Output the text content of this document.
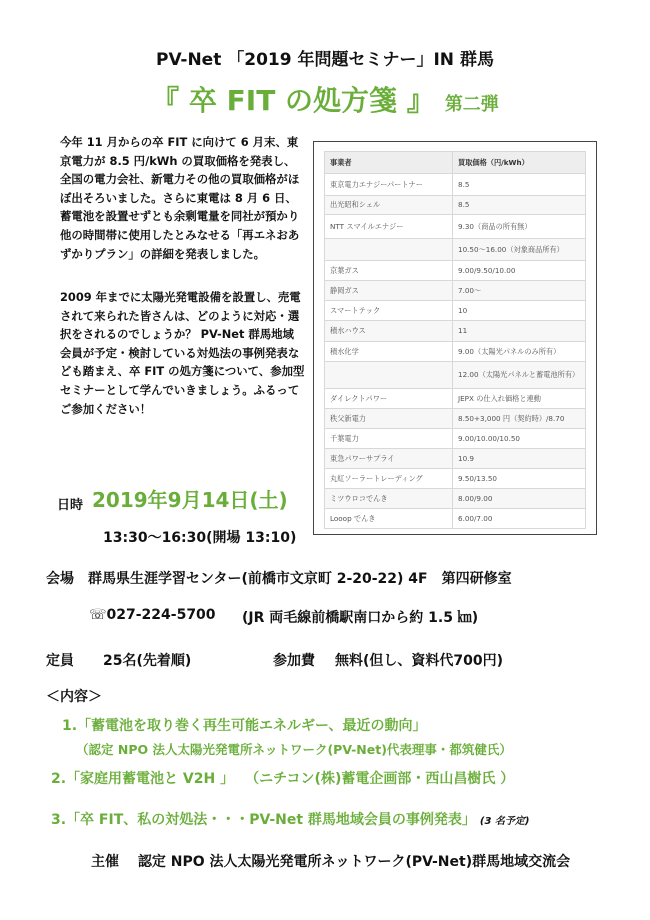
PV-Net 「2019 年問題セミナー」IN 群馬
『 卒 FIT の処方箋 』 第二弾

今年 11 月からの卒 FIT に向けて 6 月末、東京電力が 8.5 円/kWh の買取価格を発表し、全国の電力会社、新電力その他の買取価格がほぼ出そろいました。さらに東電は 8 月 6 日、蓄電池を設置せずとも余剰電量を同社が預かり他の時間帯に使用したとみなせる「再エネおあずかりプラン」の詳細を発表しました。

2009 年までに太陽光発電設備を設置し、売電されて来られた皆さんは、どのように対応・選択をされるのでしょうか？ PV-Net 群馬地域会員が予定・検討している対処法の事例発表なども踏まえ、卒 FIT の処方箋について、参加型セミナーとして学んでいきましょう。ふるってご参加ください！

事業者	買取価格（円/kWh）
東京電力エナジーパートナー	8.5
出光昭和シェル	8.5
NTT スマイルエナジー	9.30（商品の所有無）
	10.50～16.00（対象商品所有）
京葉ガス	9.00/9.50/10.00
静岡ガス	7.00～
スマートテック	10
積水ハウス	11
積水化学	9.00（太陽光パネルのみ所有）
	12.00（太陽光パネルと蓄電池所有）
ダイレクトパワー	JEPX の仕入れ価格と連動
秩父新電力	8.50+3,000 円（契約時）/8.70
千葉電力	9.00/10.00/10.50
東急パワーサプライ	10.9
丸紅ソーラートレーディング	9.50/13.50
ミツウロコでんき	8.00/9.00
Looop でんき	6.00/7.00
日時 2019年9月14日(土)
13:30～16:30(開場 13:10)
会場　群馬県生涯学習センター(前橋市文京町 2-20-22) 4F　第四研修室
☏027-224-5700 (JR 両毛線前橋駅南口から約 1.5 ㎞)
定員 25名(先着順)	参加費 無料(但し、資料代700円)
＜内容＞
1.「蓄電池を取り巻く再生可能エネルギー、最近の動向」
（認定 NPO 法人太陽光発電所ネットワーク(PV-Net)代表理事・都筑健氏）
2.「家庭用蓄電池と V2H 」 （ニチコン(株)蓄電企画部・西山昌樹氏 ）
3.「卒 FIT、私の対処法・・・PV-Net 群馬地域会員の事例発表」 (3 名予定)
主催　 認定 NPO 法人太陽光発電所ネットワーク(PV-Net)群馬地域交流会
